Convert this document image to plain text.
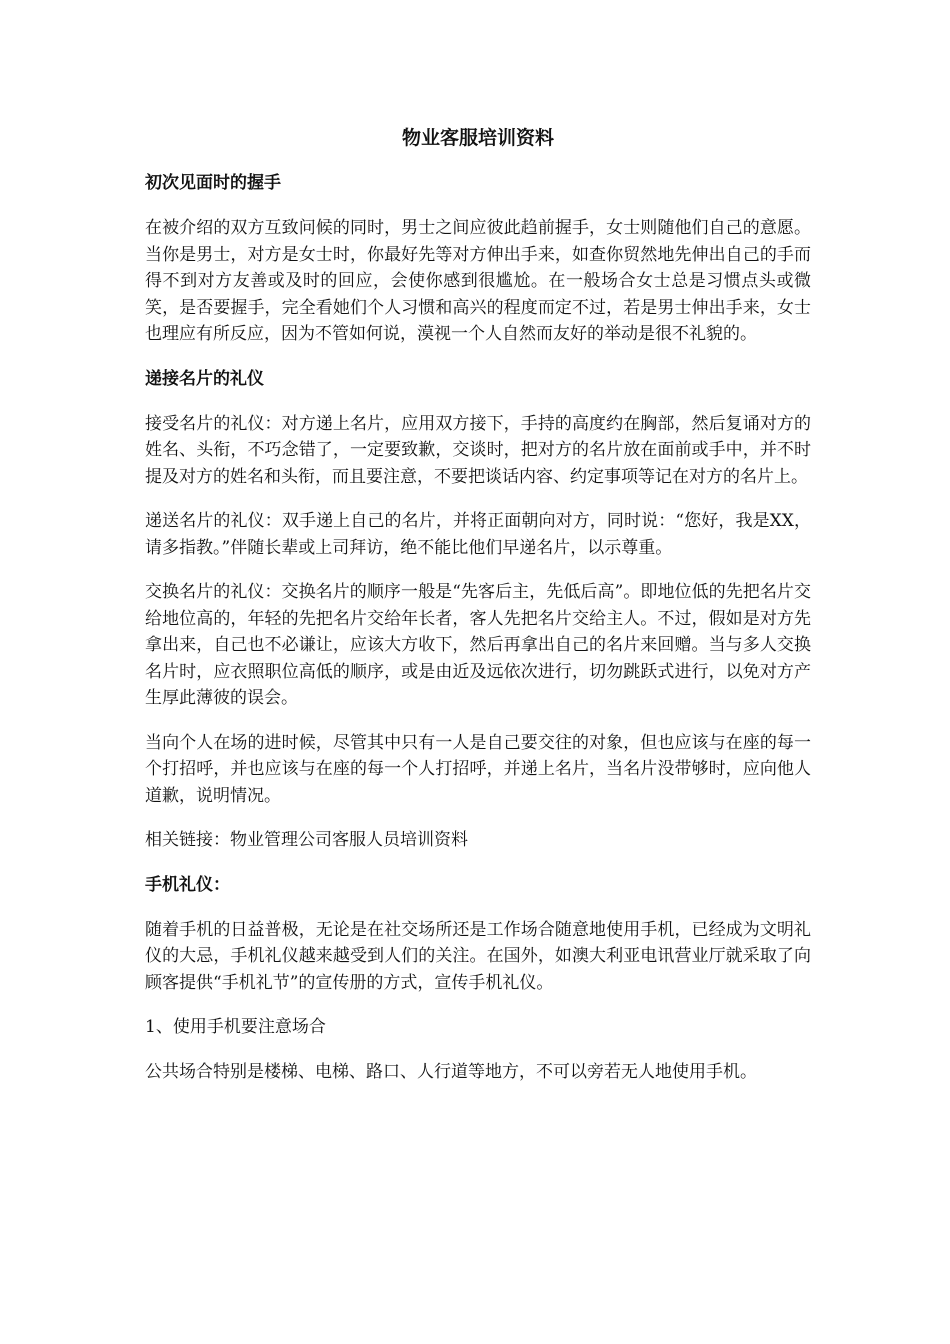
物业客服培训资料
初次见面时的握手

在被介绍的双方互致问候的同时，男士之间应彼此趋前握手，女士则随他们自己的意愿。当你是男士，对方是女士时，你最好先等对方伸出手来，如查你贸然地先伸出自己的手而得不到对方友善或及时的回应，会使你感到很尴尬。在一般场合女士总是习惯点头或微笑，是否要握手，完全看她们个人习惯和高兴的程度而定不过，若是男士伸出手来，女士也理应有所反应，因为不管如何说，漠视一个人自然而友好的举动是很不礼貌的。

递接名片的礼仪

接受名片的礼仪：对方递上名片，应用双方接下，手持的高度约在胸部，然后复诵对方的姓名、头衔，不巧念错了，一定要致歉，交谈时，把对方的名片放在面前或手中，并不时提及对方的姓名和头衔，而且要注意，不要把谈话内容、约定事项等记在对方的名片上。

递送名片的礼仪：双手递上自己的名片，并将正面朝向对方，同时说：“您好，我是XX，请多指教。”伴随长辈或上司拜访，绝不能比他们早递名片，以示尊重。

交换名片的礼仪：交换名片的顺序一般是“先客后主，先低后高”。即地位低的先把名片交给地位高的，年轻的先把名片交给年长者，客人先把名片交给主人。不过，假如是对方先拿出来，自己也不必谦让，应该大方收下，然后再拿出自己的名片来回赠。当与多人交换名片时，应衣照职位高低的顺序，或是由近及远依次进行，切勿跳跃式进行，以免对方产生厚此薄彼的误会。

当向个人在场的进时候，尽管其中只有一人是自己要交往的对象，但也应该与在座的每一个打招呼，并也应该与在座的每一个人打招呼，并递上名片，当名片没带够时，应向他人道歉，说明情况。

相关链接：物业管理公司客服人员培训资料

手机礼仪：

随着手机的日益普极，无论是在社交场所还是工作场合随意地使用手机，已经成为文明礼仪的大忌，手机礼仪越来越受到人们的关注。在国外，如澳大利亚电讯营业厅就采取了向顾客提供“手机礼节”的宣传册的方式，宣传手机礼仪。

1、使用手机要注意场合

公共场合特别是楼梯、电梯、路口、人行道等地方，不可以旁若无人地使用手机。
